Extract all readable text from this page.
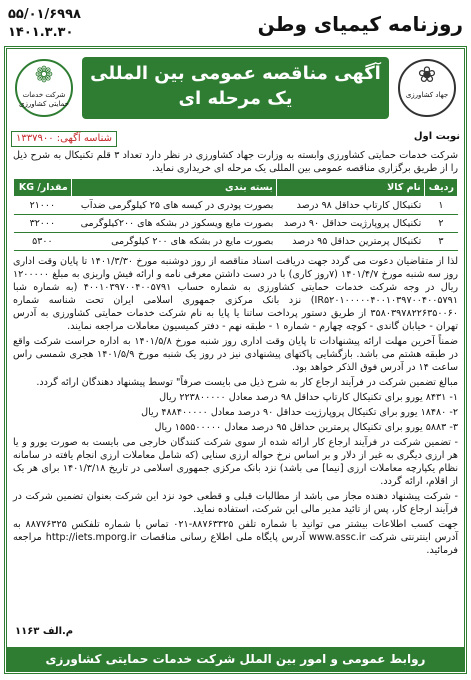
روزنامه کیمیای وطن
۵۵/۰۱/۶۹۹۸
۱۴۰۱.۳.۳۰
❁
شرکت خدمات حمایتی کشاورزی
آگهی مناقصه عمومی بین المللی
یک مرحله ای
❀
جهاد کشاورزی
نوبت اول
شناسه آگهی: ۱۳۳۷۹۰۰

شرکت خدمات حمایتی کشاورزی وابسته به وزارت جهاد کشاورزی در نظر دارد تعداد ۳ قلم تکنیکال به شرح ذیل را از طریق برگزاری مناقصه عمومی بین المللی یک مرحله ای خریداری نماید.

ردیف	نام کالا	بسته بندی	مقدار/ KG
۱	تکنیکال کارتاپ حداقل ۹۸ درصد	بصورت پودری در کیسه های ۲۵ کیلوگرمی ضدآب	۲۱۰۰۰
۲	تکنیکال پروپارژیت حداقل ۹۰ درصد	بصورت مایع ویسکوز در بشکه های ۲۰۰کیلوگرمی	۳۲۰۰۰
۳	تکنیکال پرمترین حداقل ۹۵ درصد	بصورت مایع در بشکه های ۲۰۰ کیلوگرمی	۵۳۰۰

لذا از متقاضیان دعوت می گردد جهت دریافت اسناد مناقصه از روز دوشنبه مورخ ۱۴۰۱/۳/۳۰ تا پایان وقت اداری روز سه شنبه مورخ ۱۴۰۱/۴/۷ (۷روز کاری) با در دست داشتن معرفی نامه و ارائه فیش واریزی به مبلغ ۱۲۰۰۰۰۰ ریال در وجه شرکت خدمات حمایتی کشاورزی به شماره حساب ۴۰۰۱۰۳۹۷۰۰۴۰۰۵۷۹۱ (به شماره شبا IR۵۲۰۱۰۰۰۰۰۴۰۰۱۰۳۹۷۰۰۴۰۰۵۷۹۱) نزد بانک مرکزی جمهوری اسلامی ایران تحت شناسه شماره ۳۵۸۰۳۹۷۸۲۲۶۳۵۰۰۶۰ از طریق دستور پرداخت ساتنا یا پایا به نام شرکت خدمات حمایتی کشاورزی به آدرس تهران - خیابان گاندی - کوچه چهارم - شماره ۱ - طبقه نهم - دفتر کمیسیون معاملات مراجعه نمایند.

ضمناً آخرین مهلت ارائه پیشنهادات تا پایان وقت اداری روز شنبه مورخ ۱۴۰۱/۵/۸ به اداره حراست شرکت واقع در طبقه هشتم می باشد. بازگشایی پاکتهای پیشنهادی نیز در روز یک شنبه مورخ ۱۴۰۱/۵/۹ هجری شمسی راس ساعت ۱۴ در آدرس فوق الذکر خواهد بود.

مبالغ تضمین شرکت در فرآیند ارجاع کار به شرح ذیل می بایست صرفاً" توسط پیشنهاد دهندگان ارائه گردد.

۱- ۸۴۳۱ یورو برای تکنیکال کارتاپ حداقل ۹۸ درصد معادل ۲۲۳۸۰۰۰۰۰ ریال

۲- ۱۸۴۸۰ یورو برای تکنیکال پروپارژیت حداقل ۹۰ درصد معادل ۴۸۸۴۰۰۰۰۰ ریال

۳- ۵۸۸۳ یورو برای تکنیکال پرمترین حداقل ۹۵ درصد معادل ۱۵۵۵۰۰۰۰۰ ریال

- تضمین شرکت در فرآیند ارجاع کار ارائه شده از سوی شرکت کنندگان خارجی می بایست به صورت یورو و یا هر ارزی دیگری به غیر از دلار و بر اساس نرخ حواله ارزی سنایی (که شامل معاملات ارزی انجام یافته در سامانه نظام یکپارچه معاملات ارزی [نیما] می باشد) نزد بانک مرکزی جمهوری اسلامی در تاریخ ۱۴۰۱/۳/۱۸ برای هر یک از اقلام، ارائه گردد.

- شرکت پیشنهاد دهنده مجاز می باشد از مطالبات قبلی و قطعی خود نزد این شرکت بعنوان تضمین شرکت در فرآیند ارجاع کار، پس از تائید مدیر مالی این شرکت، استفاده نماید.

جهت کسب اطلاعات بیشتر می توانید با شماره تلفن ۸۸۷۶۳۳۲۵-۰۲۱ تماس با شماره تلفکس ۸۸۷۷۶۳۲۵ به آدرس اینترنتی شرکت www.assc.ir آدرس پایگاه ملی اطلاع رسانی مناقصات http://iets.mporg.ir مراجعه فرمائید.

م.الف ۱۱۶۳
روابط عمومی و امور بین الملل شرکت خدمات حمایتی کشاورزی
